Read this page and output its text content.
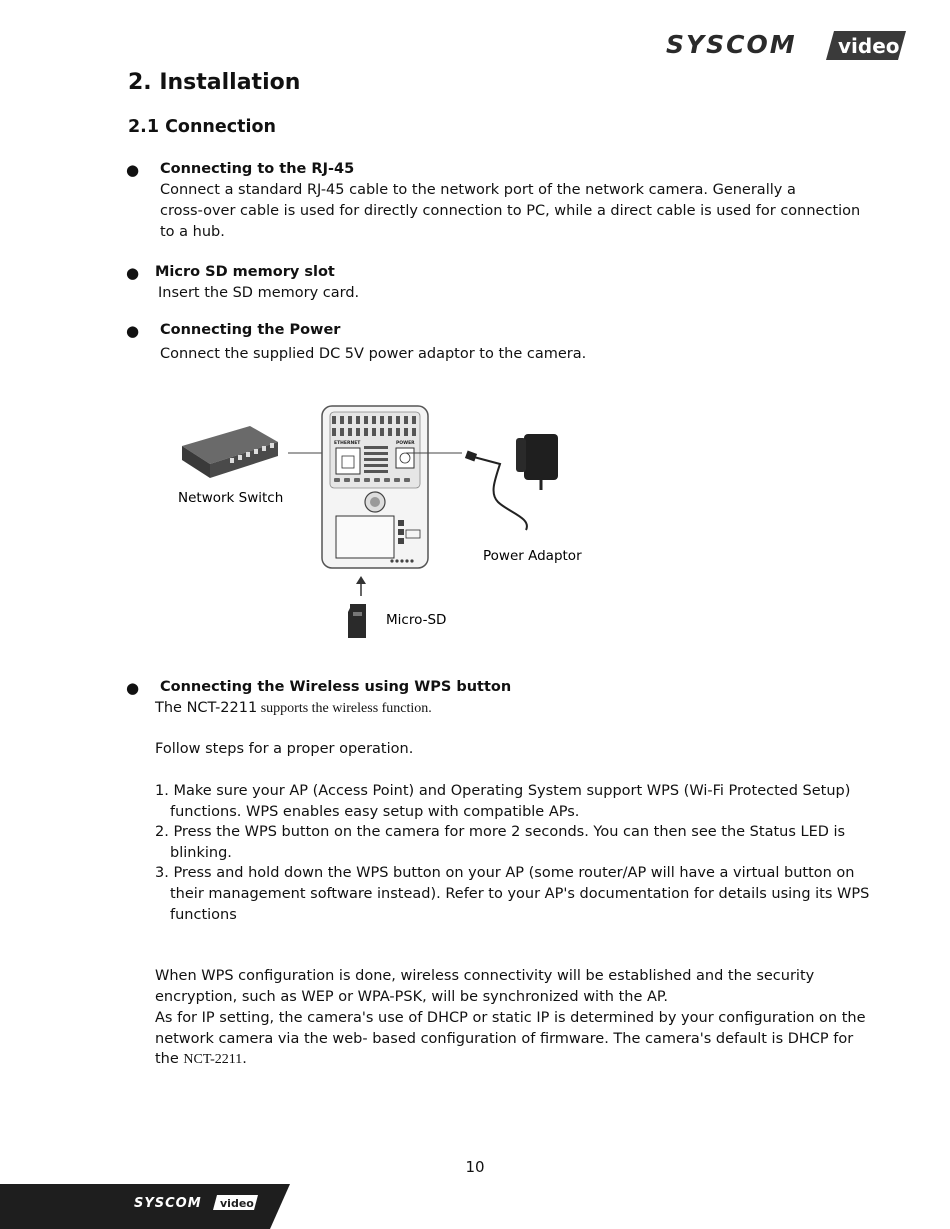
SYSCOM video
2. Installation
2.1 Connection
● Connecting to the RJ-45
Connect a standard RJ-45 cable to the network port of the network camera. Generally a
cross-over cable is used for directly connection to PC, while a direct cable is used for connection
to a hub.
● Micro SD memory slot
Insert the SD memory card.
● Connecting the Power
Connect the supplied DC 5V power adaptor to the camera.
ETHERNET	POWER
Network Switch
Power Adaptor
Micro-SD
● Connecting the Wireless using WPS button
The NCT-2211 supports the wireless function.
Follow steps for a proper operation.
1. Make sure your AP (Access Point) and Operating System support WPS (Wi-Fi Protected Setup)
functions. WPS enables easy setup with compatible APs.
2. Press the WPS button on the camera for more 2 seconds. You can then see the Status LED is
blinking.
3. Press and hold down the WPS button on your AP (some router/AP will have a virtual button on
their management software instead). Refer to your AP's documentation for details using its WPS
functions
When WPS configuration is done, wireless connectivity will be established and the security
encryption, such as WEP or WPA-PSK, will be synchronized with the AP.
As for IP setting, the camera's use of DHCP or static IP is determined by your configuration on the
network camera via the web- based configuration of firmware. The camera's default is DHCP for
the NCT-2211.
10
SYSCOM video
